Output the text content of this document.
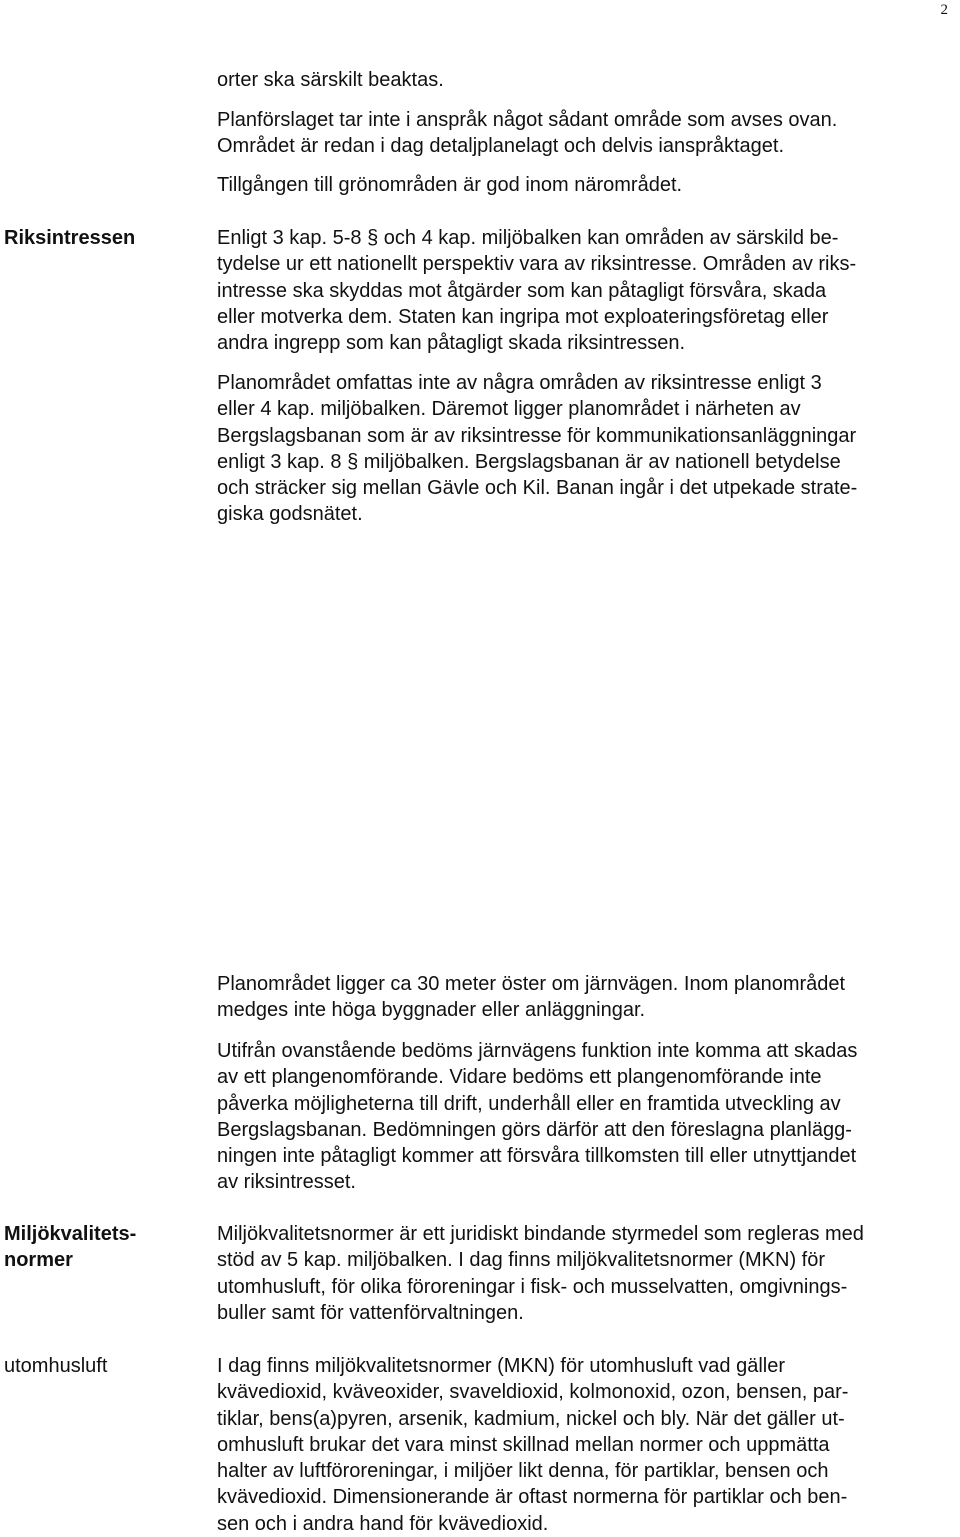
2
orter ska särskilt beaktas.
Planförslaget tar inte i anspråk något sådant område som avses ovan.
Området är redan i dag detaljplanelagt och delvis ianspråktaget.
Tillgången till grönområden är god inom närområdet.
Riksintressen	Enligt 3 kap. 5-8 § och 4 kap. miljöbalken kan områden av särskild be-
tydelse ur ett nationellt perspektiv vara av riksintresse. Områden av riks-
intresse ska skyddas mot åtgärder som kan påtagligt försvåra, skada
eller motverka dem. Staten kan ingripa mot exploateringsföretag eller
andra ingrepp som kan påtagligt skada riksintressen.
Planområdet omfattas inte av några områden av riksintresse enligt 3
eller 4 kap. miljöbalken. Däremot ligger planområdet i närheten av
Bergslagsbanan som är av riksintresse för kommunikationsanläggningar
enligt 3 kap. 8 § miljöbalken. Bergslagsbanan är av nationell betydelse
och sträcker sig mellan Gävle och Kil. Banan ingår i det utpekade strate-
giska godsnätet.
Planområdet ligger ca 30 meter öster om järnvägen. Inom planområdet
medges inte höga byggnader eller anläggningar.
Utifrån ovanstående bedöms järnvägens funktion inte komma att skadas
av ett plangenomförande. Vidare bedöms ett plangenomförande inte
påverka möjligheterna till drift, underhåll eller en framtida utveckling av
Bergslagsbanan. Bedömningen görs därför att den föreslagna planlägg-
ningen inte påtagligt kommer att försvåra tillkomsten till eller utnyttjandet
av riksintresset.
Miljökvalitets-
normer
Miljökvalitetsnormer är ett juridiskt bindande styrmedel som regleras med
stöd av 5 kap. miljöbalken. I dag finns miljökvalitetsnormer (MKN) för
utomhusluft, för olika föroreningar i fisk- och musselvatten, omgivnings-
buller samt för vattenförvaltningen.
utomhusluft	I dag finns miljökvalitetsnormer (MKN) för utomhusluft vad gäller
kvävedioxid, kväveoxider, svaveldioxid, kolmonoxid, ozon, bensen, par-
tiklar, bens(a)pyren, arsenik, kadmium, nickel och bly. När det gäller ut-
omhusluft brukar det vara minst skillnad mellan normer och uppmätta
halter av luftföroreningar, i miljöer likt denna, för partiklar, bensen och
kvävedioxid. Dimensionerande är oftast normerna för partiklar och ben-
sen och i andra hand för kvävedioxid.
